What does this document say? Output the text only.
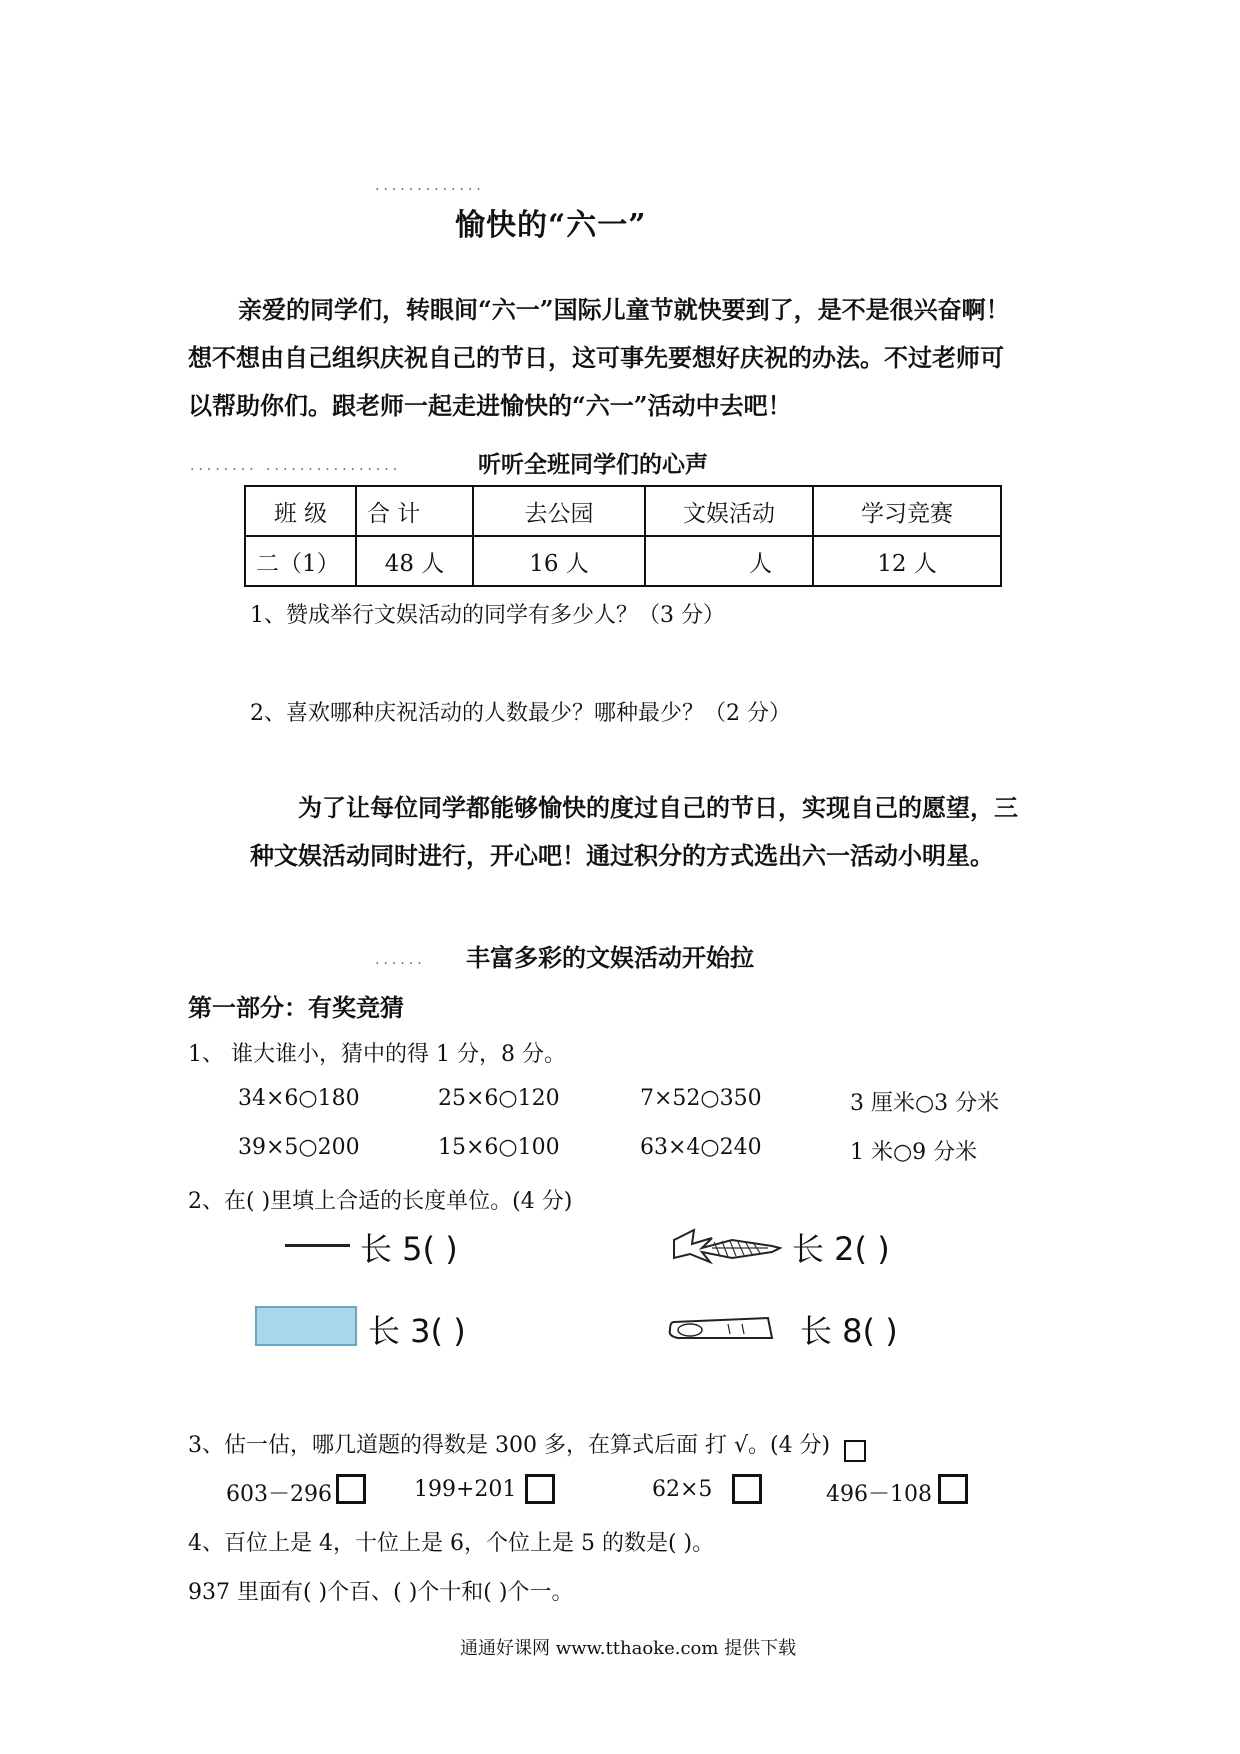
.............
愉快的“六一”
亲爱的同学们，转眼间“六一”国际儿童节就快要到了，是不是很兴奋啊！
想不想由自己组织庆祝自己的节日，这可事先要想好庆祝的办法。不过老师可
以帮助你们。跟老师一起走进愉快的“六一”活动中去吧！
........ ................	听听全班同学们的心声
班 级	合 计	去公园	文娱活动	学习竞赛
二（1）	48 人	16 人	人	12 人
1、赞成举行文娱活动的同学有多少人？（3 分）
2、喜欢哪种庆祝活动的人数最少？哪种最少？（2 分）
为了让每位同学都能够愉快的度过自己的节日，实现自己的愿望，三
种文娱活动同时进行，开心吧！通过积分的方式选出六一活动小明星。
...... 丰富多彩的文娱活动开始拉
第一部分：有奖竞猜
1、 谁大谁小，猜中的得 1 分，8 分。
34×6○180	25×6○120	7×52○350	3 厘米○3 分米
39×5○200	15×6○100	63×4○240	1 米○9 分米
2、在( )里填上合适的长度单位。(4 分)
长 5( )	长 2( )
长 3( )	长 8( )
3、估一估，哪几道题的得数是 300 多，在算式后面 打 √。(4 分)
603－296	199+201	62×5	496－108
4、百位上是 4，十位上是 6，个位上是 5 的数是( )。
937 里面有( )个百、( )个十和( )个一。
通通好课网 www.tthaoke.com 提供下载
